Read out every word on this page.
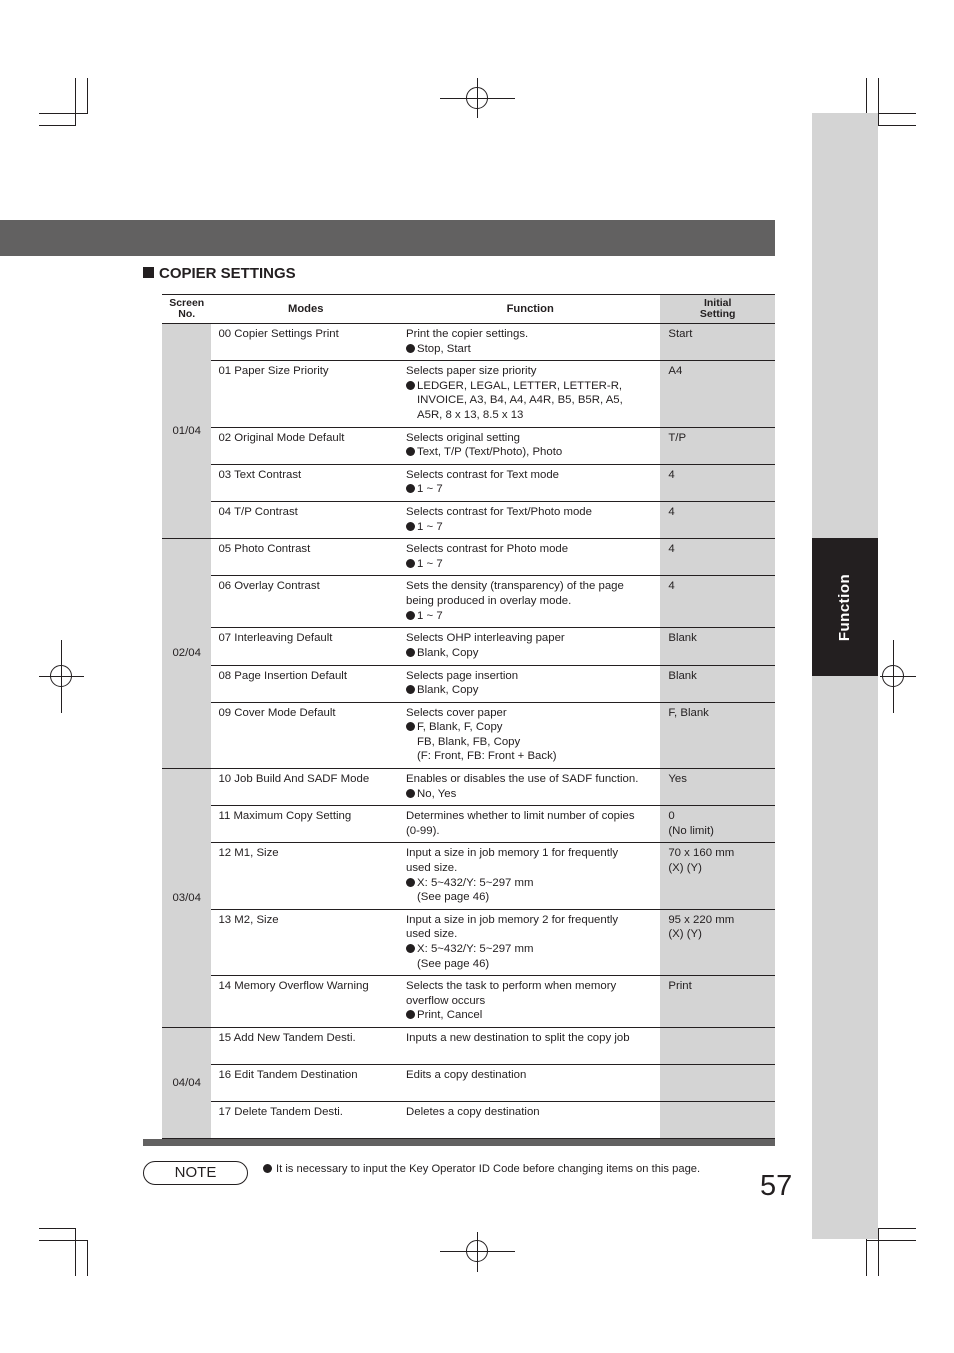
Function
COPIER SETTINGS
Screen
No.	Modes	Function	Initial
Setting

01/04	00 Copier Settings Print	Print the copier settings.
Stop, Start	Start

	01 Paper Size Priority	Selects paper size priority
LEDGER, LEGAL, LETTER, LETTER-R,
INVOICE, A3, B4, A4, A4R, B5, B5R, A5,
A5R, 8 x 13, 8.5 x 13	A4

	02 Original Mode Default	Selects original setting
Text, T/P (Text/Photo), Photo	T/P

	03 Text Contrast	Selects contrast for Text mode
1 ~ 7	4

	04 T/P Contrast	Selects contrast for Text/Photo mode
1 ~ 7	4

02/04	05 Photo Contrast	Selects contrast for Photo mode
1 ~ 7	4

	06 Overlay Contrast	Sets the density (transparency) of the page
being produced in overlay mode.
1 ~ 7	4

	07 Interleaving Default	Selects OHP interleaving paper
Blank, Copy	Blank

	08 Page Insertion Default	Selects page insertion
Blank, Copy	Blank

	09 Cover Mode Default	Selects cover paper
F, Blank, F, Copy
FB, Blank, FB, Copy
(F: Front, FB: Front + Back)	F, Blank

03/04	10 Job Build And SADF Mode	Enables or disables the use of SADF function.
No, Yes	Yes

	11 Maximum Copy Setting	Determines whether to limit number of copies
(0-99).	0
(No limit)

	12 M1, Size	Input a size in job memory 1 for frequently
used size.
X: 5~432/Y: 5~297 mm
(See page 46)	70 x 160 mm
(X) (Y)

	13 M2, Size	Input a size in job memory 2 for frequently
used size.
X: 5~432/Y: 5~297 mm
(See page 46)	95 x 220 mm
(X) (Y)

	14 Memory Overflow Warning	Selects the task to perform when memory
overflow occurs
Print, Cancel	Print

04/04	15 Add New Tandem Desti.	Inputs a new destination to split the copy job	

	16 Edit Tandem Destination	Edits a copy destination	

	17 Delete Tandem Desti.	Deletes a copy destination	

NOTE	It is necessary to input the Key Operator ID Code before changing items on this page.
57
